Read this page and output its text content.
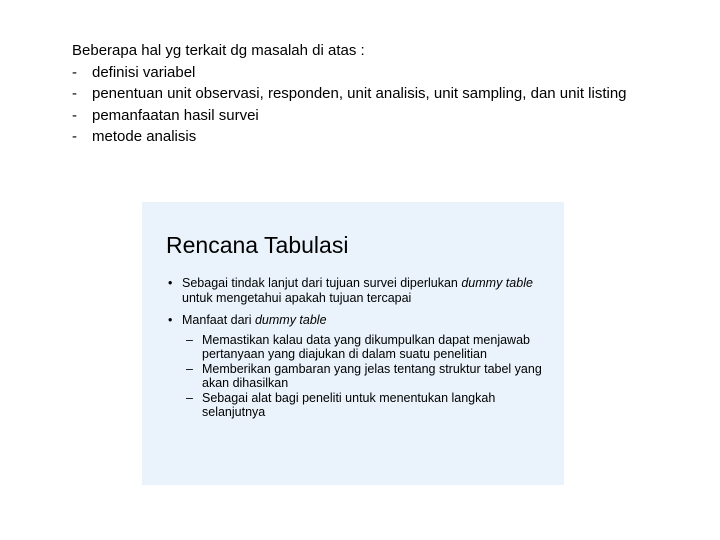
Beberapa hal yg terkait dg masalah di atas :

- definisi variabel
- penentuan unit observasi, responden, unit analisis, unit sampling, dan unit listing
- pemanfaatan hasil survei
- metode analisis
Rencana Tabulasi
• Sebagai tindak lanjut dari tujuan survei diperlukan dummy table untuk mengetahui apakah tujuan tercapai
• Manfaat dari dummy table
– Memastikan kalau data yang dikumpulkan dapat menjawab pertanyaan yang diajukan di dalam suatu penelitian
– Memberikan gambaran yang jelas tentang struktur tabel yang akan dihasilkan
– Sebagai alat bagi peneliti untuk menentukan langkah selanjutnya
